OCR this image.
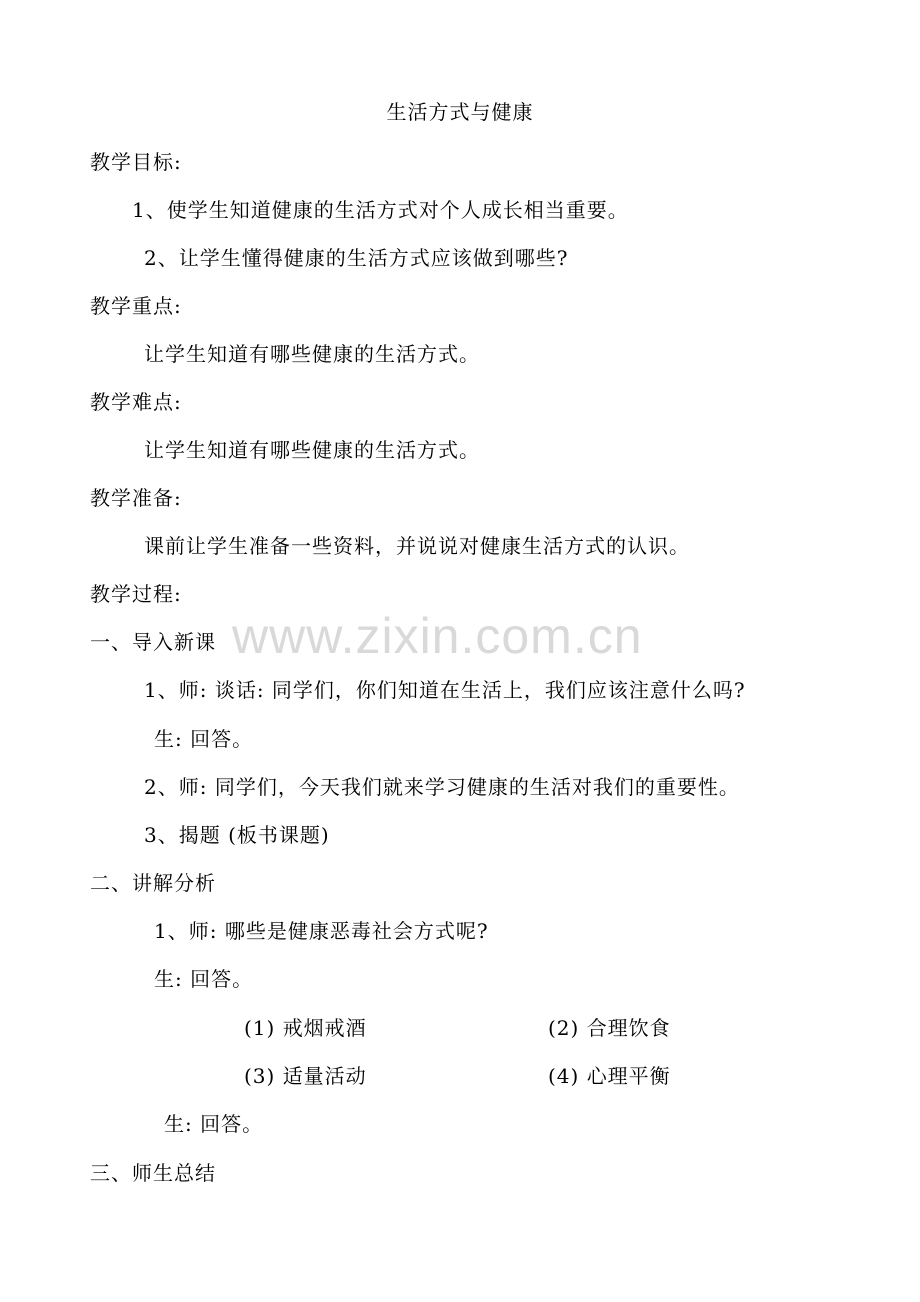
生活方式与健康
教学目标:
1、使学生知道健康的生活方式对个人成长相当重要。
2、让学生懂得健康的生活方式应该做到哪些?
教学重点:
让学生知道有哪些健康的生活方式。
教学难点:
让学生知道有哪些健康的生活方式。
教学准备:
课前让学生准备一些资料，并说说对健康生活方式的认识。
教学过程:
www.zixin.com.cn
一、导入新课
1、师: 谈话: 同学们，你们知道在生活上，我们应该注意什么吗?
生: 回答。
2、师: 同学们，今天我们就来学习健康的生活对我们的重要性。
3、揭题 (板书课题)
二、讲解分析
1、师: 哪些是健康恶毒社会方式呢?
生: 回答。
(1) 戒烟戒酒	(2) 合理饮食
(3) 适量活动	(4) 心理平衡
生: 回答。
三、师生总结
